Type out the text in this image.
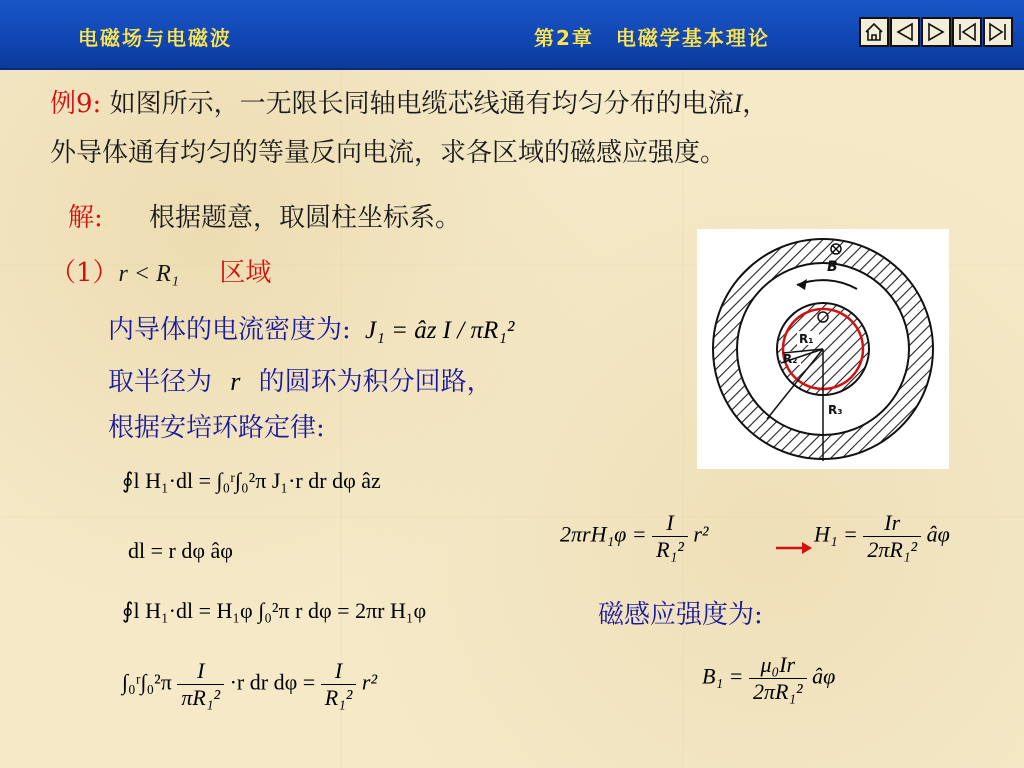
电磁场与电磁波	第2章　电磁学基本理论
例9: 如图所示，一无限长同轴电缆芯线通有均匀分布的电流I，
外导体通有均匀的等量反向电流，求各区域的磁感应强度。
解: 根据题意，取圆柱坐标系。
（1）r < R₁ 区域
内导体的电流密度为: J₁ = âz I / πR₁²
取半径为 r 的圆环为积分回路，
根据安培环路定律:
∮l H₁·dl = ∫₀ʳ∫₀²π J₁·r dr dφ âz
dl = r dφ âφ
∮l H₁·dl = H₁φ ∫₀²π r dφ = 2πr H₁φ
∫₀ʳ∫₀²π $\frac{I}{\text{πR₁²}} \cdot r$ dr $d\varphi = \frac{I}{\text{R₁²}} r^2$
$2\pi rH_1\varphi = \frac{I}{\text{R₁²}} r^2$	$H_1 = \frac{Ir}{\text{2πR₁²}}$ âφ
磁感应强度为:
$B_1 = \frac{\text{μ₀Ir}}{\text{2πR₁²}}$ âφ
B
R₁
R₂
R₃
